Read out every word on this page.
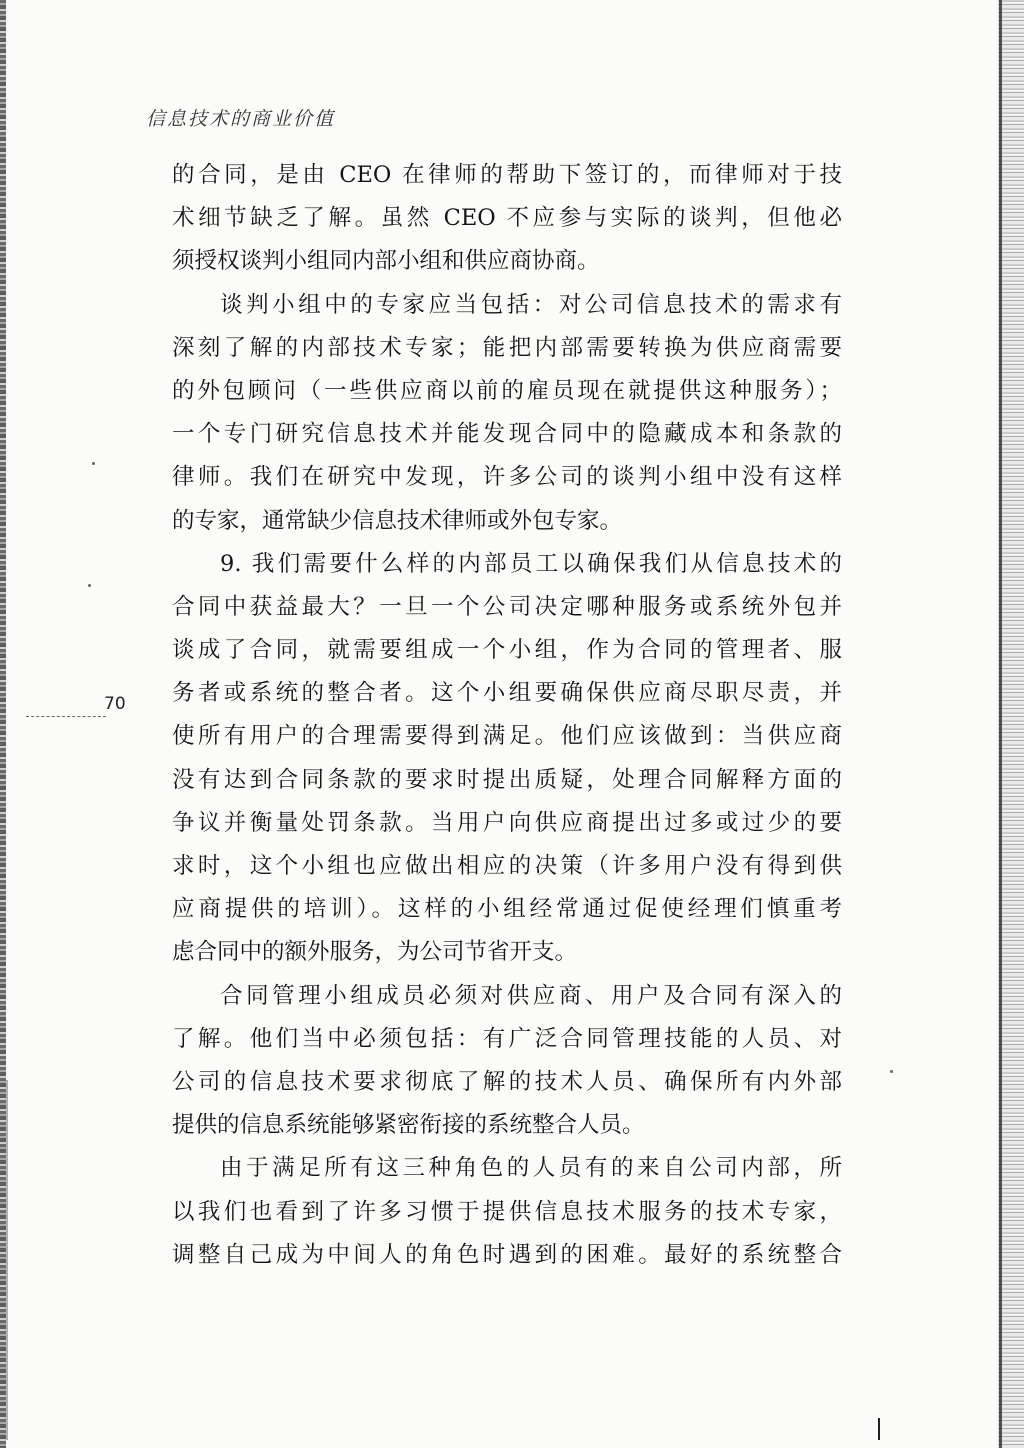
信息技术的商业价值
70
的合同，是由 CEO 在律师的帮助下签订的，而律师对于技
术细节缺乏了解。虽然 CEO 不应参与实际的谈判，但他必
须授权谈判小组同内部小组和供应商协商。
谈判小组中的专家应当包括：对公司信息技术的需求有
深刻了解的内部技术专家；能把内部需要转换为供应商需要
的外包顾问（一些供应商以前的雇员现在就提供这种服务）；
一个专门研究信息技术并能发现合同中的隐藏成本和条款的
律师。我们在研究中发现，许多公司的谈判小组中没有这样
的专家，通常缺少信息技术律师或外包专家。
9. 我们需要什么样的内部员工以确保我们从信息技术的
合同中获益最大？一旦一个公司决定哪种服务或系统外包并
谈成了合同，就需要组成一个小组，作为合同的管理者、服
务者或系统的整合者。这个小组要确保供应商尽职尽责，并
使所有用户的合理需要得到满足。他们应该做到：当供应商
没有达到合同条款的要求时提出质疑，处理合同解释方面的
争议并衡量处罚条款。当用户向供应商提出过多或过少的要
求时，这个小组也应做出相应的决策（许多用户没有得到供
应商提供的培训）。这样的小组经常通过促使经理们慎重考
虑合同中的额外服务，为公司节省开支。
合同管理小组成员必须对供应商、用户及合同有深入的
了解。他们当中必须包括：有广泛合同管理技能的人员、对
公司的信息技术要求彻底了解的技术人员、确保所有内外部
提供的信息系统能够紧密衔接的系统整合人员。
由于满足所有这三种角色的人员有的来自公司内部，所
以我们也看到了许多习惯于提供信息技术服务的技术专家，
调整自己成为中间人的角色时遇到的困难。最好的系统整合
